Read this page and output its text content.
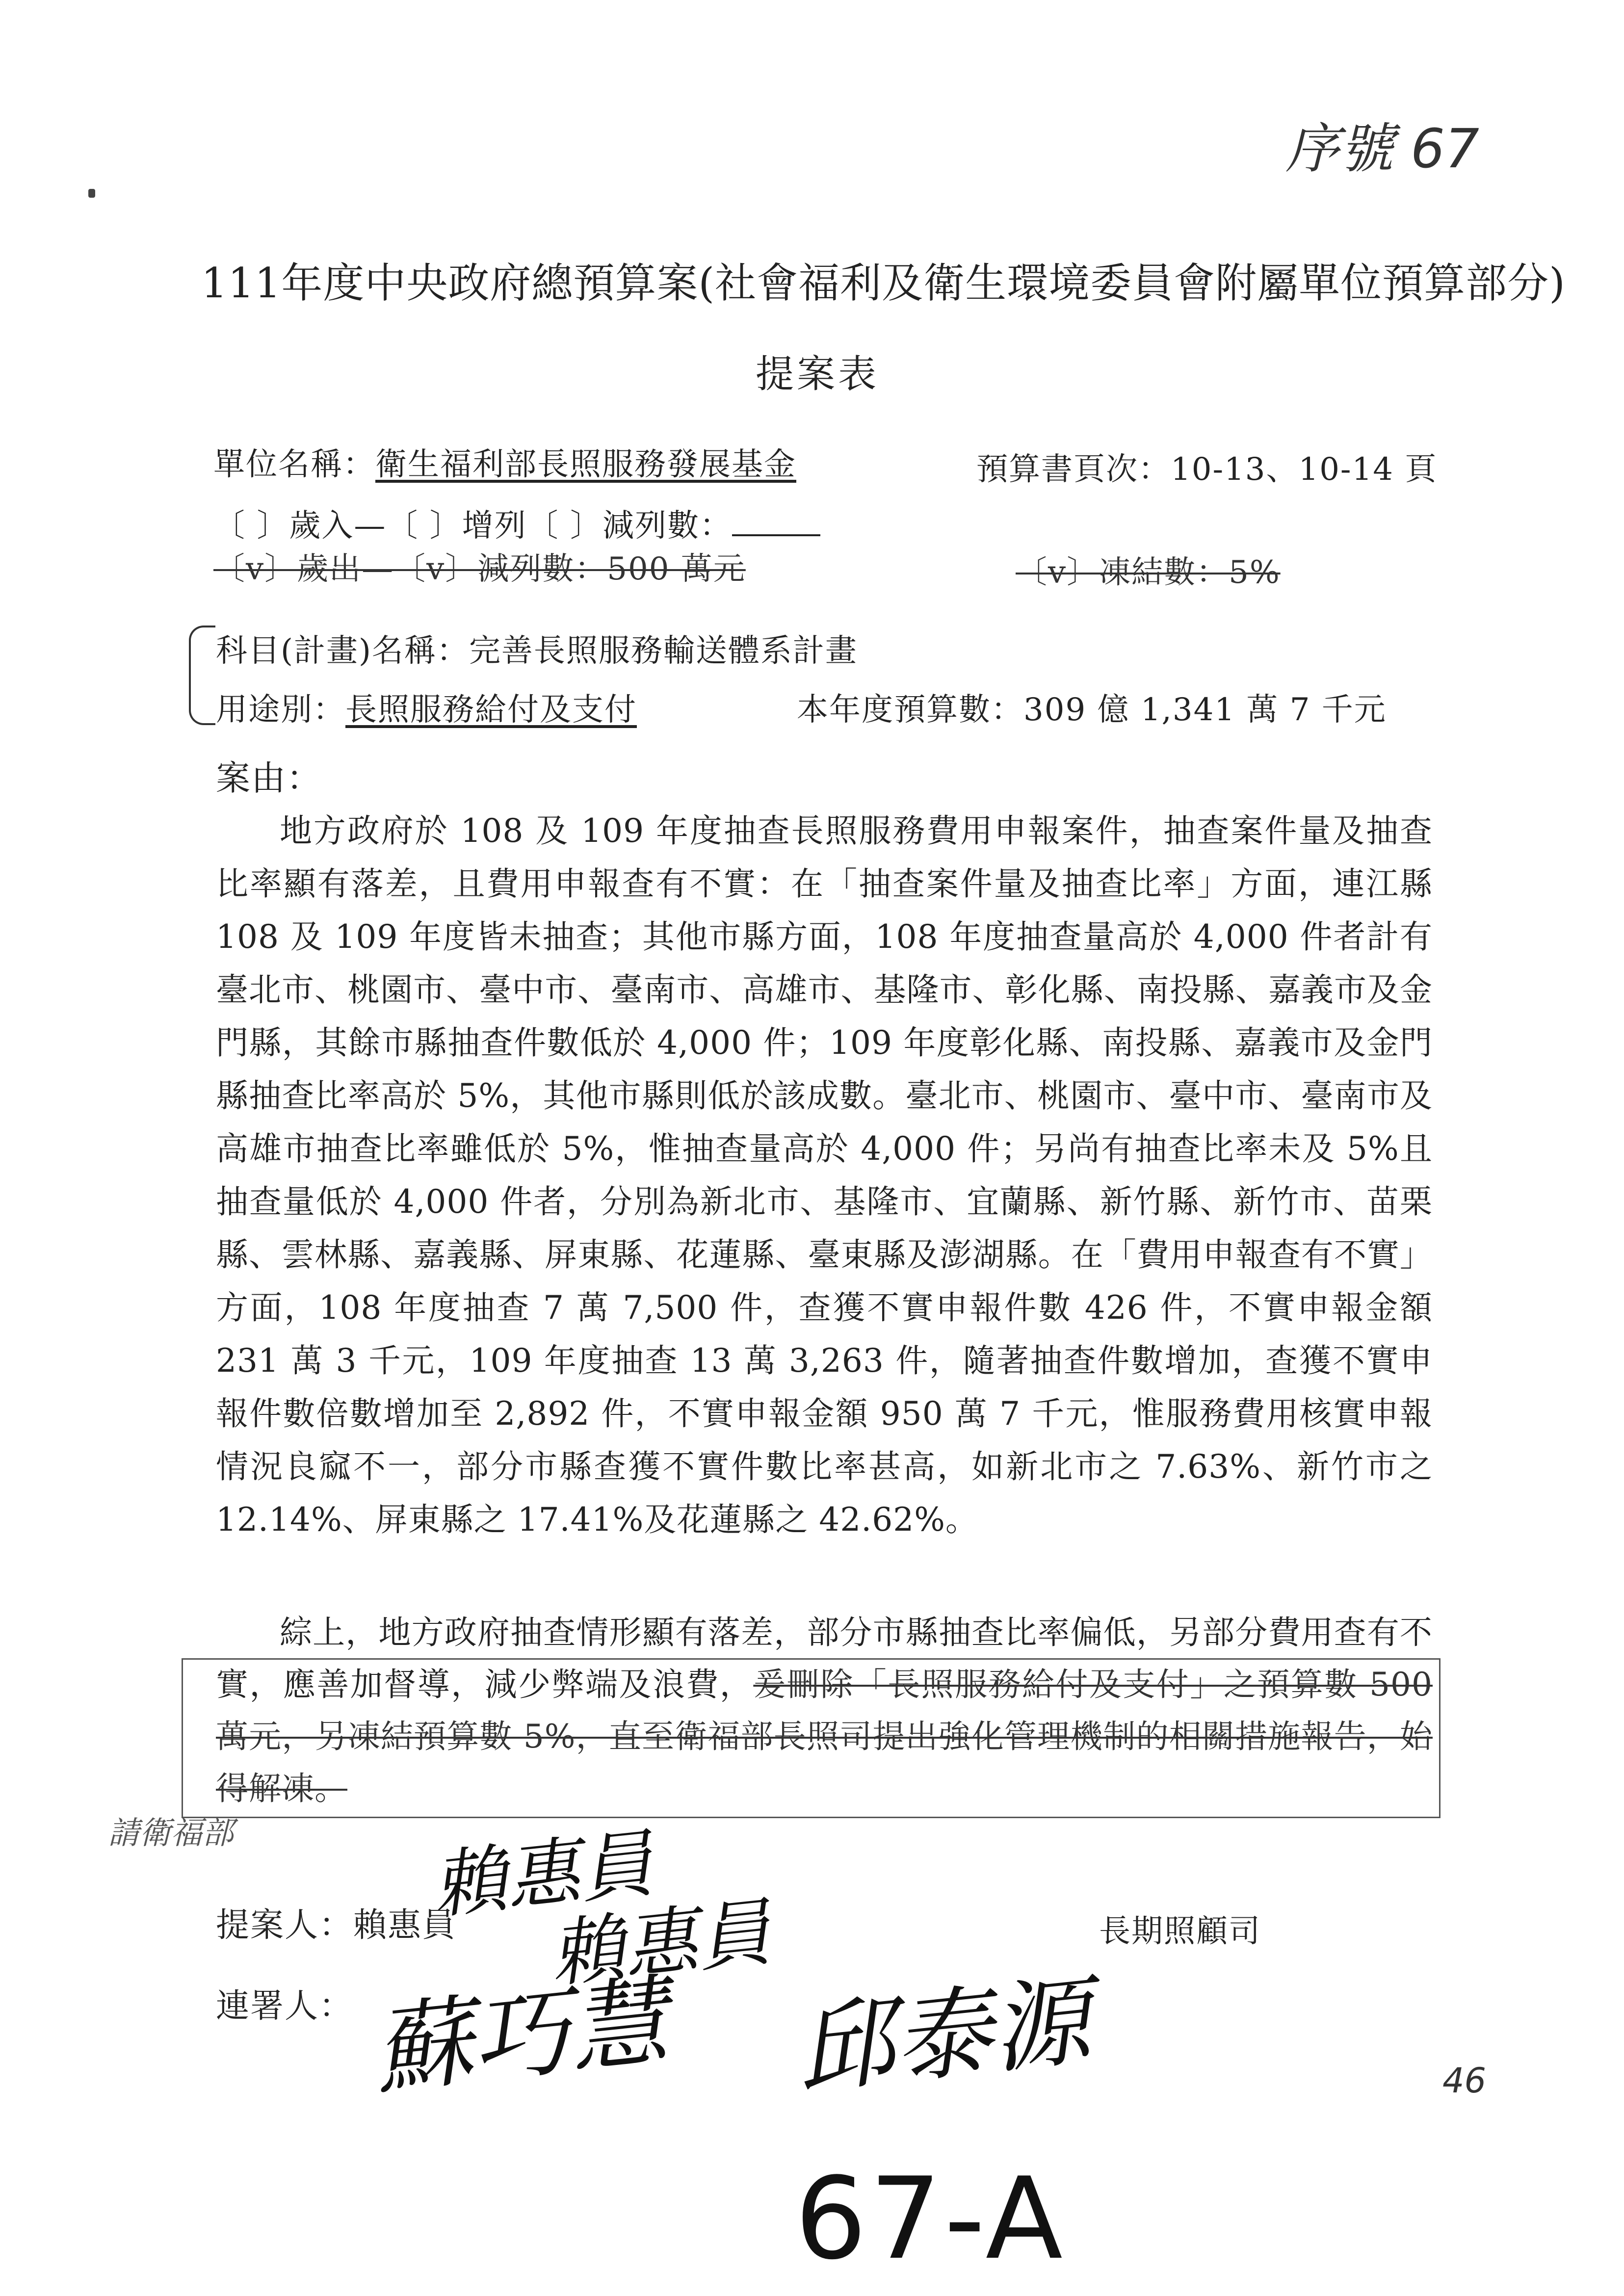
序號 67
111年度中央政府總預算案(社會福利及衛生環境委員會附屬單位預算部分)
提案表
單位名稱：衛生福利部長照服務發展基金	預算書頁次：10-13、10-14 頁
〔 〕歲入—〔 〕增列〔 〕減列數：
〔v〕歲出—〔v〕減列數：500 萬元	〔v〕凍結數：5%
科目(計畫)名稱：完善長照服務輸送體系計畫
用途別：長照服務給付及支付	本年度預算數：309 億 1,341 萬 7 千元
案由：
地方政府於 108 及 109 年度抽查長照服務費用申報案件，抽查案件量及抽查比率顯有落差，且費用申報查有不實：在「抽查案件量及抽查比率」方面，連江縣 108 及 109 年度皆未抽查；其他市縣方面，108 年度抽查量高於 4,000 件者計有臺北市、桃園市、臺中市、臺南市、高雄市、基隆市、彰化縣、南投縣、嘉義市及金門縣，其餘市縣抽查件數低於 4,000 件；109 年度彰化縣、南投縣、嘉義市及金門縣抽查比率高於 5%，其他市縣則低於該成數。臺北市、桃園市、臺中市、臺南市及高雄市抽查比率雖低於 5%，惟抽查量高於 4,000 件；另尚有抽查比率未及 5%且抽查量低於 4,000 件者，分別為新北市、基隆市、宜蘭縣、新竹縣、新竹市、苗栗縣、雲林縣、嘉義縣、屏東縣、花蓮縣、臺東縣及澎湖縣。在「費用申報查有不實」方面，108 年度抽查 7 萬 7,500 件，查獲不實申報件數 426 件，不實申報金額 231 萬 3 千元，109 年度抽查 13 萬 3,263 件，隨著抽查件數增加，查獲不實申報件數倍數增加至 2,892 件，不實申報金額 950 萬 7 千元，惟服務費用核實申報情況良窳不一，部分市縣查獲不實件數比率甚高，如新北市之 7.63%、新竹市之 12.14%、屏東縣之 17.41%及花蓮縣之 42.62%。
綜上，地方政府抽查情形顯有落差，部分市縣抽查比率偏低，另部分費用查有不實，應善加督導，減少弊端及浪費，爰刪除「長照服務給付及支付」之預算數 500 萬元，另凍結預算數 5%，直至衛福部長照司提出強化管理機制的相關措施報告，始得解凍。
請衛福部
提案人：賴惠員
賴惠員
賴惠員	長期照顧司
連署人： 蘇巧慧 邱泰源	46
67-A
